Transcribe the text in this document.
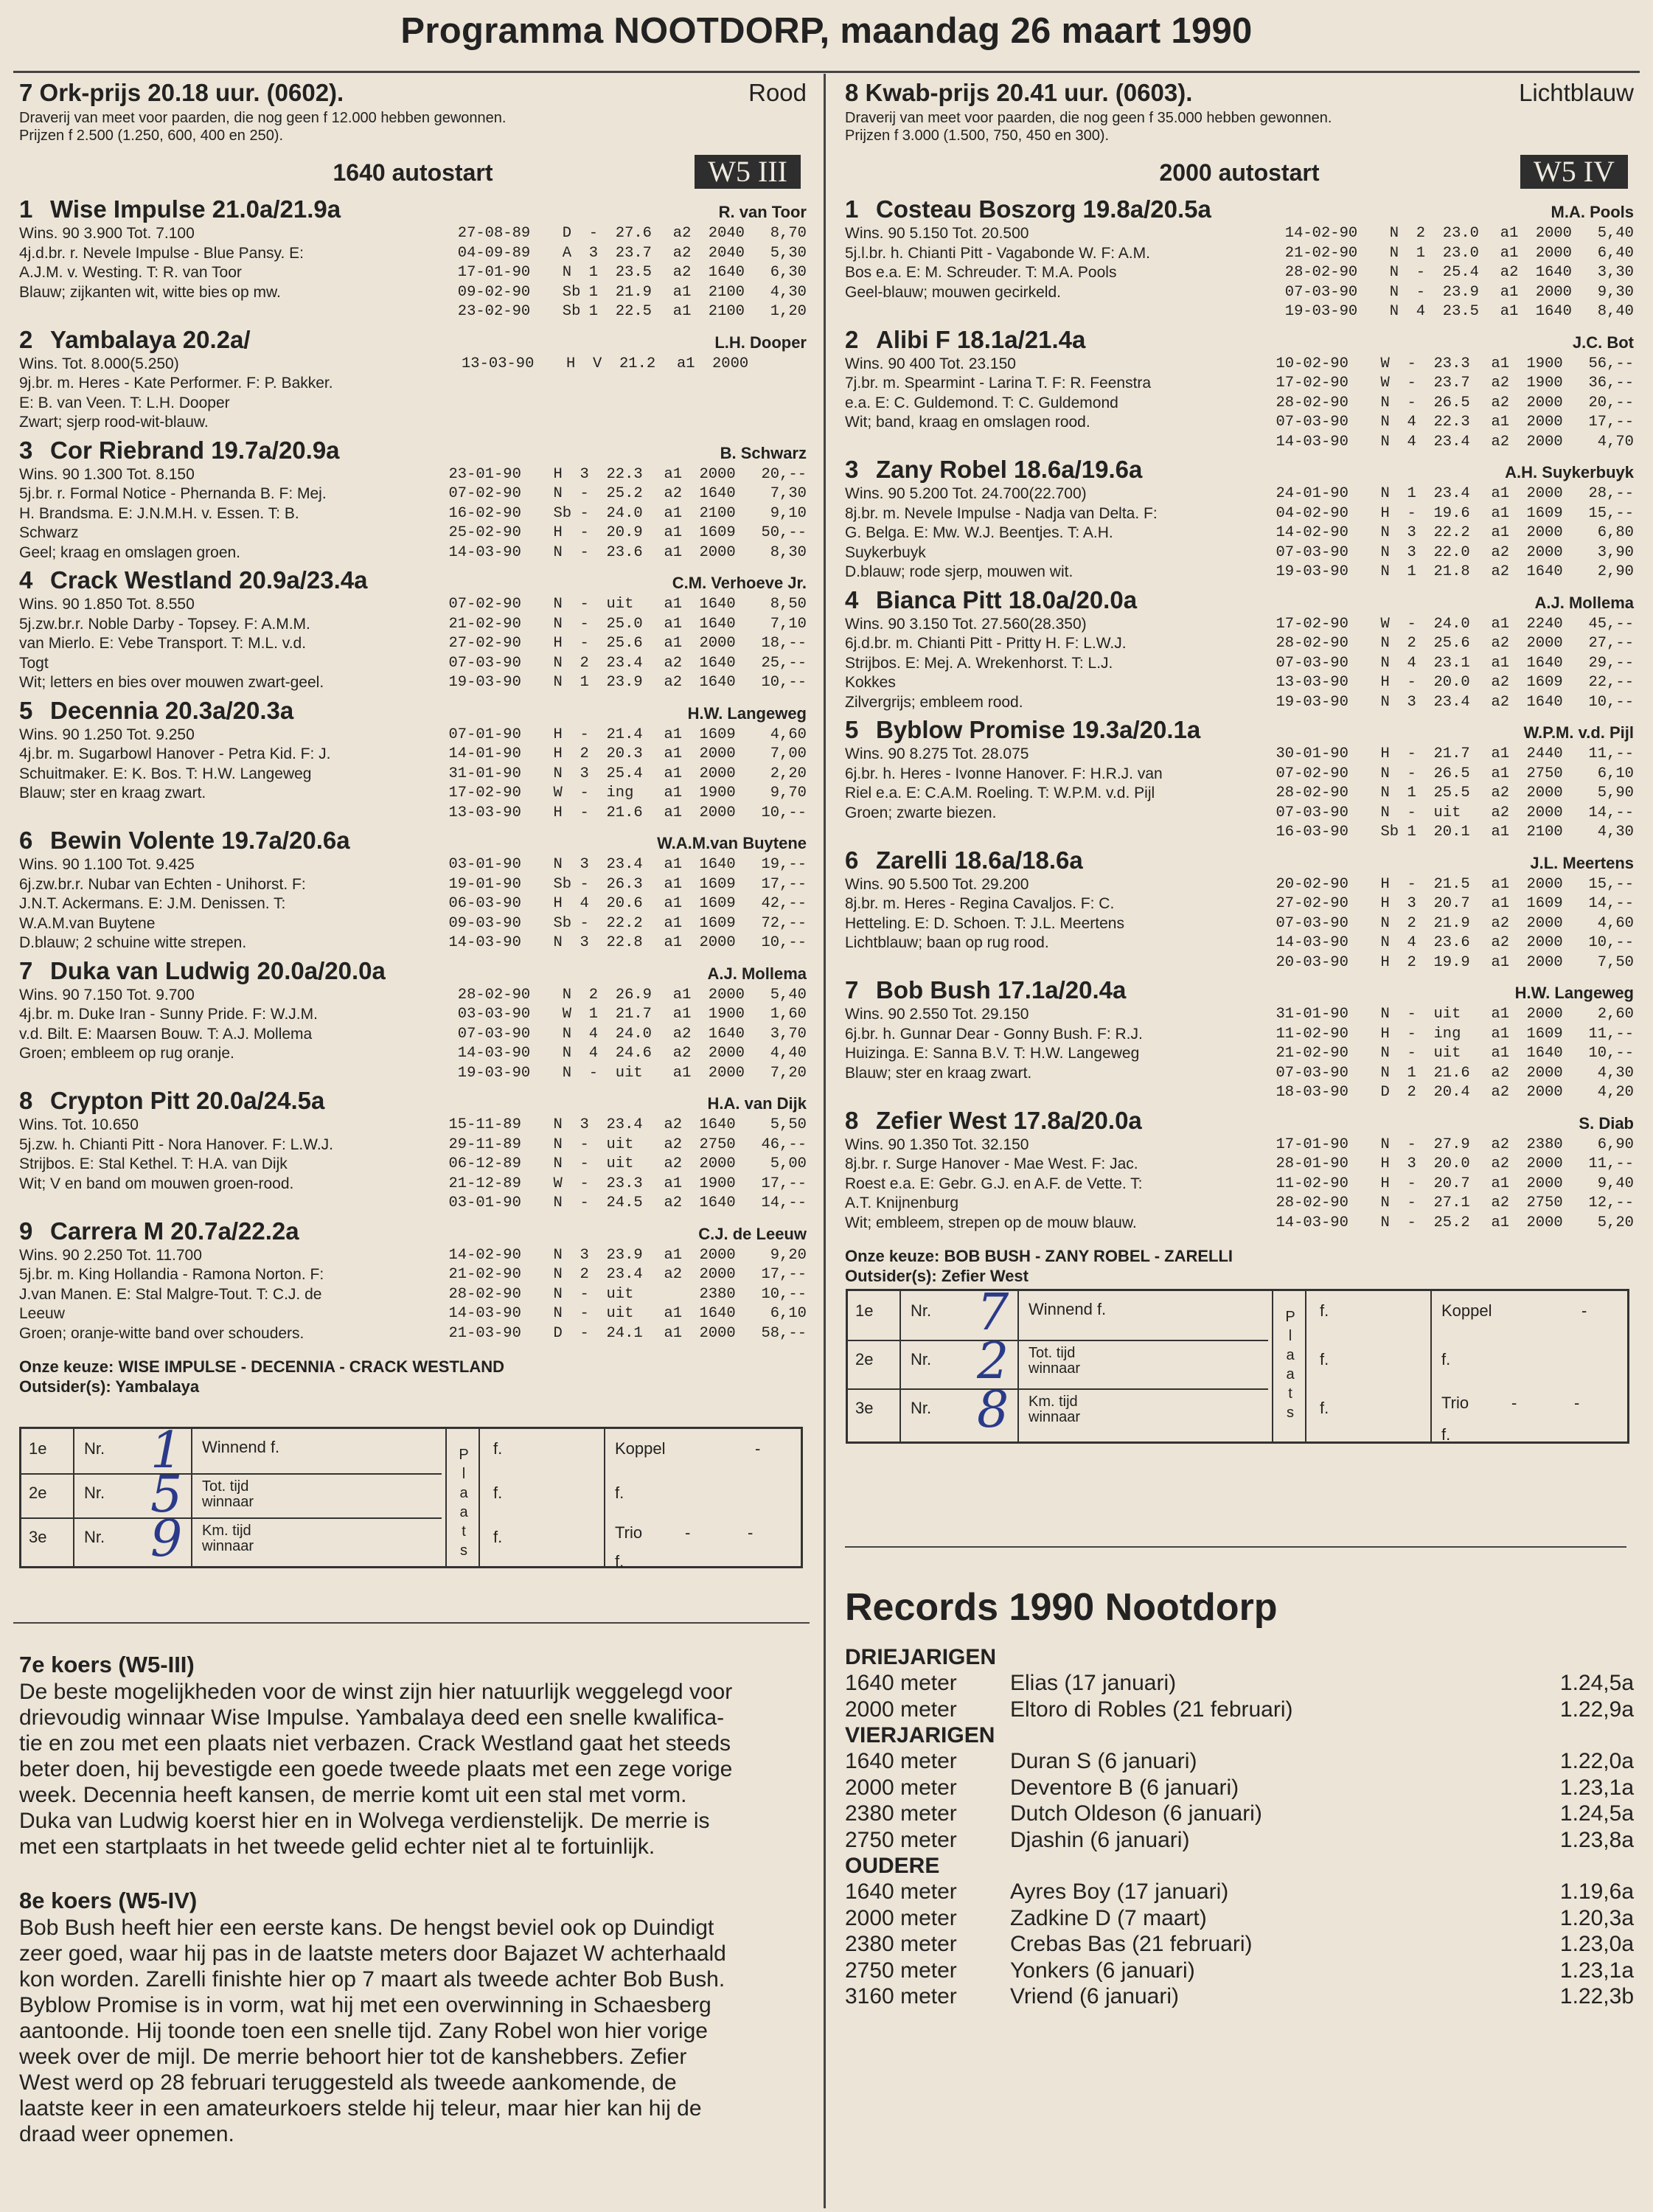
Programma NOOTDORP, maandag 26 maart 1990
7 Ork-prijs 20.18 uur. (0602).	Rood
Draverij van meet voor paarden, die nog geen f 12.000 hebben gewonnen.
Prijzen f 2.500 (1.250, 600, 400 en 250).
1640 autostart	W5 III
1 Wise Impulse 21.0a/21.9a	R. van Toor
Wins. 90 3.900 Tot. 7.100
4j.d.br. r. Nevele Impulse - Blue Pansy. E:
A.J.M. v. Westing. T: R. van Toor
Blauw; zijkanten wit, witte bies op mw.
27-08-89	D	-	27.6	a2	2040	8,70
04-09-89	A	3	23.7	a2	2040	5,30
17-01-90	N	1	23.5	a2	1640	6,30
09-02-90	Sb 1	21.9	a1	2100	4,30
23-02-90	Sb 1	22.5	a1	2100	1,20
2 Yambalaya 20.2a/	L.H. Dooper
Wins. Tot. 8.000(5.250)
9j.br. m. Heres - Kate Performer. F: P. Bakker.
E: B. van Veen. T: L.H. Dooper
Zwart; sjerp rood-wit-blauw.
13-03-90	H	V	21.2	a1	2000
3 Cor Riebrand 19.7a/20.9a	B. Schwarz
Wins. 90 1.300 Tot. 8.150
5j.br. r. Formal Notice - Phernanda B. F: Mej.
H. Brandsma. E: J.N.M.H. v. Essen. T: B.
Schwarz
Geel; kraag en omslagen groen.
23-01-90	H	3	22.3	a1	2000	20,--
07-02-90	N	-	25.2	a2	1640	7,30
16-02-90	Sb -	24.0	a1	2100	9,10
25-02-90	H	-	20.9	a1	1609	50,--
14-03-90	N	-	23.6	a1	2000	8,30
4 Crack Westland 20.9a/23.4a	C.M. Verhoeve Jr.
Wins. 90 1.850 Tot. 8.550
5j.zw.br.r. Noble Darby - Topsey. F: A.M.M.
van Mierlo. E: Vebe Transport. T: M.L. v.d.
Togt
Wit; letters en bies over mouwen zwart-geel.
07-02-90	N	-	uit	a1	1640	8,50
21-02-90	N	-	25.0	a1	1640	7,10
27-02-90	H	-	25.6	a1	2000	18,--
07-03-90	N	2	23.4	a2	1640	25,--
19-03-90	N	1	23.9	a2	1640	10,--
5 Decennia 20.3a/20.3a	H.W. Langeweg
Wins. 90 1.250 Tot. 9.250
4j.br. m. Sugarbowl Hanover - Petra Kid. F: J.
Schuitmaker. E: K. Bos. T: H.W. Langeweg
Blauw; ster en kraag zwart.
07-01-90	H	-	21.4	a1	1609	4,60
14-01-90	H	2	20.3	a1	2000	7,00
31-01-90	N	3	25.4	a1	2000	2,20
17-02-90	W	-	ing	a1	1900	9,70
13-03-90	H	-	21.6	a1	2000	10,--
6 Bewin Volente 19.7a/20.6a	W.A.M.van Buytene
Wins. 90 1.100 Tot. 9.425
6j.zw.br.r. Nubar van Echten - Unihorst. F:
J.N.T. Ackermans. E: J.M. Denissen. T:
W.A.M.van Buytene
D.blauw; 2 schuine witte strepen.
03-01-90	N	3	23.4	a1	1640	19,--
19-01-90	Sb -	26.3	a1	1609	17,--
06-03-90	H	4	20.6	a1	1609	42,--
09-03-90	Sb -	22.2	a1	1609	72,--
14-03-90	N	3	22.8	a1	2000	10,--
7 Duka van Ludwig 20.0a/20.0a	A.J. Mollema
Wins. 90 7.150 Tot. 9.700
4j.br. m. Duke Iran - Sunny Pride. F: W.J.M.
v.d. Bilt. E: Maarsen Bouw. T: A.J. Mollema
Groen; embleem op rug oranje.
28-02-90	N	2	26.9	a1	2000	5,40
03-03-90	W	1	21.7	a1	1900	1,60
07-03-90	N	4	24.0	a2	1640	3,70
14-03-90	N	4	24.6	a2	2000	4,40
19-03-90	N	-	uit	a1	2000	7,20
8 Crypton Pitt 20.0a/24.5a	H.A. van Dijk
Wins. Tot. 10.650
5j.zw. h. Chianti Pitt - Nora Hanover. F: L.W.J.
Strijbos. E: Stal Kethel. T: H.A. van Dijk
Wit; V en band om mouwen groen-rood.
15-11-89	N	3	23.4	a2	1640	5,50
29-11-89	N	-	uit	a2	2750	46,--
06-12-89	N	-	uit	a2	2000	5,00
21-12-89	W	-	23.3	a1	1900	17,--
03-01-90	N	-	24.5	a2	1640	14,--
9 Carrera M 20.7a/22.2a	C.J. de Leeuw
Wins. 90 2.250 Tot. 11.700
5j.br. m. King Hollandia - Ramona Norton. F:
J.van Manen. E: Stal Malgre-Tout. T: C.J. de
Leeuw
Groen; oranje-witte band over schouders.
14-02-90	N	3	23.9	a1	2000	9,20
21-02-90	N	2	23.4	a2	2000	17,--
28-02-90	N	-	uit	2380	10,--
14-03-90	N	-	uit	a1	1640	6,10
21-03-90	D	-	24.1	a1	2000	58,--
Onze keuze: WISE IMPULSE - DECENNIA - CRACK WESTLAND
Outsider(s): Yambalaya
8 Kwab-prijs 20.41 uur. (0603).	Lichtblauw
Draverij van meet voor paarden, die nog geen f 35.000 hebben gewonnen.
Prijzen f 3.000 (1.500, 750, 450 en 300).
2000 autostart	W5 IV
1 Costeau Boszorg 19.8a/20.5a	M.A. Pools
Wins. 90 5.150 Tot. 20.500
5j.l.br. h. Chianti Pitt - Vagabonde W. F: A.M.
Bos e.a. E: M. Schreuder. T: M.A. Pools
Geel-blauw; mouwen gecirkeld.
14-02-90	N	2	23.0	a1	2000	5,40
21-02-90	N	1	23.0	a1	2000	6,40
28-02-90	N	-	25.4	a2	1640	3,30
07-03-90	N	-	23.9	a1	2000	9,30
19-03-90	N	4	23.5	a1	1640	8,40
2 Alibi F 18.1a/21.4a	J.C. Bot
Wins. 90 400 Tot. 23.150
7j.br. m. Spearmint - Larina T. F: R. Feenstra
e.a. E: C. Guldemond. T: C. Guldemond
Wit; band, kraag en omslagen rood.
10-02-90	W	-	23.3	a1	1900	56,--
17-02-90	W	-	23.7	a2	1900	36,--
28-02-90	N	-	26.5	a2	2000	20,--
07-03-90	N	4	22.3	a1	2000	17,--
14-03-90	N	4	23.4	a2	2000	4,70
3 Zany Robel 18.6a/19.6a	A.H. Suykerbuyk
Wins. 90 5.200 Tot. 24.700(22.700)
8j.br. m. Nevele Impulse - Nadja van Delta. F:
G. Belga. E: Mw. W.J. Beentjes. T: A.H.
Suykerbuyk
D.blauw; rode sjerp, mouwen wit.
24-01-90	N	1	23.4	a1	2000	28,--
04-02-90	H	-	19.6	a1	1609	15,--
14-02-90	N	3	22.2	a1	2000	6,80
07-03-90	N	3	22.0	a2	2000	3,90
19-03-90	N	1	21.8	a2	1640	2,90
4 Bianca Pitt 18.0a/20.0a	A.J. Mollema
Wins. 90 3.150 Tot. 27.560(28.350)
6j.d.br. m. Chianti Pitt - Pritty H. F: L.W.J.
Strijbos. E: Mej. A. Wrekenhorst. T: L.J.
Kokkes
Zilvergrijs; embleem rood.
17-02-90	W	-	24.0	a1	2240	45,--
28-02-90	N	2	25.6	a2	2000	27,--
07-03-90	N	4	23.1	a1	1640	29,--
13-03-90	H	-	20.0	a2	1609	22,--
19-03-90	N	3	23.4	a2	1640	10,--
5 Byblow Promise 19.3a/20.1a	W.P.M. v.d. Pijl
Wins. 90 8.275 Tot. 28.075
6j.br. h. Heres - Ivonne Hanover. F: H.R.J. van
Riel e.a. E: C.A.M. Roeling. T: W.P.M. v.d. Pijl
Groen; zwarte biezen.
30-01-90	H	-	21.7	a1	2440	11,--
07-02-90	N	-	26.5	a1	2750	6,10
28-02-90	N	1	25.5	a2	2000	5,90
07-03-90	N	-	uit	a2	2000	14,--
16-03-90	Sb 1	20.1	a1	2100	4,30
6 Zarelli 18.6a/18.6a	J.L. Meertens
Wins. 90 5.500 Tot. 29.200
8j.br. m. Heres - Regina Cavaljos. F: C.
Hetteling. E: D. Schoen. T: J.L. Meertens
Lichtblauw; baan op rug rood.
20-02-90	H	-	21.5	a1	2000	15,--
27-02-90	H	3	20.7	a1	1609	14,--
07-03-90	N	2	21.9	a2	2000	4,60
14-03-90	N	4	23.6	a2	2000	10,--
20-03-90	H	2	19.9	a1	2000	7,50
7 Bob Bush 17.1a/20.4a	H.W. Langeweg
Wins. 90 2.550 Tot. 29.150
6j.br. h. Gunnar Dear - Gonny Bush. F: R.J.
Huizinga. E: Sanna B.V. T: H.W. Langeweg
Blauw; ster en kraag zwart.
31-01-90	N	-	uit	a1	2000	2,60
11-02-90	H	-	ing	a1	1609	11,--
21-02-90	N	-	uit	a1	1640	10,--
07-03-90	N	1	21.6	a2	2000	4,30
18-03-90	D	2	20.4	a2	2000	4,20
8 Zefier West 17.8a/20.0a	S. Diab
Wins. 90 1.350 Tot. 32.150
8j.br. r. Surge Hanover - Mae West. F: Jac.
Roest e.a. E: Gebr. G.J. en A.F. de Vette. T:
A.T. Knijnenburg
Wit; embleem, strepen op de mouw blauw.
17-01-90	N	-	27.9	a2	2380	6,90
28-01-90	H	3	20.0	a2	2000	11,--
11-02-90	H	-	20.7	a1	2000	9,40
28-02-90	N	-	27.1	a2	2750	12,--
14-03-90	N	-	25.2	a1	2000	5,20
Onze keuze: BOB BUSH - ZANY ROBEL - ZARELLI
Outsider(s): Zefier West
1e Nr.	Winnend f.	f.
1
2e Nr.	Tot. tijd
winnaar	f.
5
3e Nr.	Km. tijd
winnaar	f.
9
P
l
a
a
t
s
Koppel	-
f.
Trio	-	-
f.
1e Nr.	Winnend f.	f.
7
2e Nr.	Tot. tijd
winnaar	f.
2
3e Nr.	Km. tijd
winnaar	f.
8
P
l
a
a
t
s
Koppel	-
f.
Trio	-	-
f.
7e koers (W5-III)
De beste mogelijkheden voor de winst zijn hier natuurlijk weggelegd voor
drievoudig winnaar Wise Impulse. Yambalaya deed een snelle kwalifica-
tie en zou met een plaats niet verbazen. Crack Westland gaat het steeds
beter doen, hij bevestigde een goede tweede plaats met een zege vorige
week. Decennia heeft kansen, de merrie komt uit een stal met vorm.
Duka van Ludwig koerst hier en in Wolvega verdienstelijk. De merrie is
met een startplaats in het tweede gelid echter niet al te fortuinlijk.
8e koers (W5-IV)
Bob Bush heeft hier een eerste kans. De hengst beviel ook op Duindigt
zeer goed, waar hij pas in de laatste meters door Bajazet W achterhaald
kon worden. Zarelli finishte hier op 7 maart als tweede achter Bob Bush.
Byblow Promise is in vorm, wat hij met een overwinning in Schaesberg
aantoonde. Hij toonde toen een snelle tijd. Zany Robel won hier vorige
week over de mijl. De merrie behoort hier tot de kanshebbers. Zefier
West werd op 28 februari teruggesteld als tweede aankomende, de
laatste keer in een amateurkoers stelde hij teleur, maar hier kan hij de
draad weer opnemen.
Records 1990 Nootdorp
DRIEJARIGEN
1640 meter	Elias (17 januari)	1.24,5a
2000 meter	Eltoro di Robles (21 februari)	1.22,9a
VIERJARIGEN
1640 meter	Duran S (6 januari)	1.22,0a
2000 meter	Deventore B (6 januari)	1.23,1a
2380 meter	Dutch Oldeson (6 januari)	1.24,5a
2750 meter	Djashin (6 januari)	1.23,8a
OUDERE
1640 meter	Ayres Boy (17 januari)	1.19,6a
2000 meter	Zadkine D (7 maart)	1.20,3a
2380 meter	Crebas Bas (21 februari)	1.23,0a
2750 meter	Yonkers (6 januari)	1.23,1a
3160 meter	Vriend (6 januari)	1.22,3b
